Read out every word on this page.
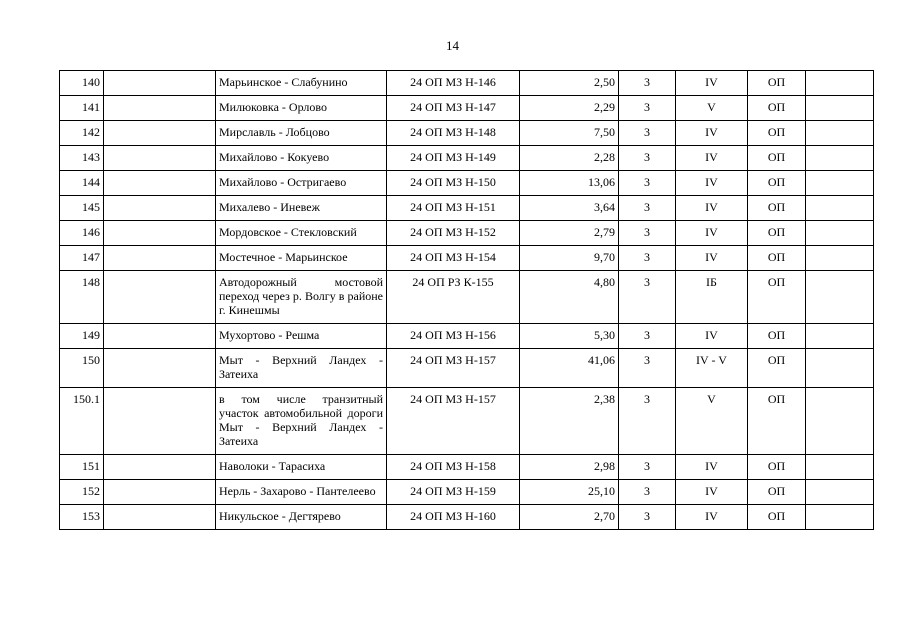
14
140		Марьинское - Слабунино	24 ОП МЗ Н-146	2,50	3	IV	ОП	
141		Милюковка - Орлово	24 ОП МЗ Н-147	2,29	3	V	ОП	
142		Мирславль - Лобцово	24 ОП МЗ Н-148	7,50	3	IV	ОП	
143		Михайлово - Кокуево	24 ОП МЗ Н-149	2,28	3	IV	ОП	
144		Михайлово - Остригаево	24 ОП МЗ Н-150	13,06	3	IV	ОП	
145		Михалево - Иневеж	24 ОП МЗ Н-151	3,64	3	IV	ОП	
146		Мордовское - Стекловский	24 ОП МЗ Н-152	2,79	3	IV	ОП	
147		Мостечное - Марьинское	24 ОП МЗ Н-154	9,70	3	IV	ОП	
148		Автодорожный мостовой переход через р. Волгу в районе г. Кинешмы	24 ОП РЗ К-155	4,80	3	IБ	ОП	
149		Мухортово - Решма	24 ОП МЗ Н-156	5,30	3	IV	ОП	
150		Мыт - Верхний Ландех - Затеиха	24 ОП МЗ Н-157	41,06	3	IV - V	ОП	
150.1		в том числе транзитный участок автомобильной дороги Мыт - Верхний Ландех - Затеиха	24 ОП МЗ Н-157	2,38	3	V	ОП	
151		Наволоки - Тарасиха	24 ОП МЗ Н-158	2,98	3	IV	ОП	
152		Нерль - Захарово - Пантелеево	24 ОП МЗ Н-159	25,10	3	IV	ОП	
153		Никульское - Дегтярево	24 ОП МЗ Н-160	2,70	3	IV	ОП	
